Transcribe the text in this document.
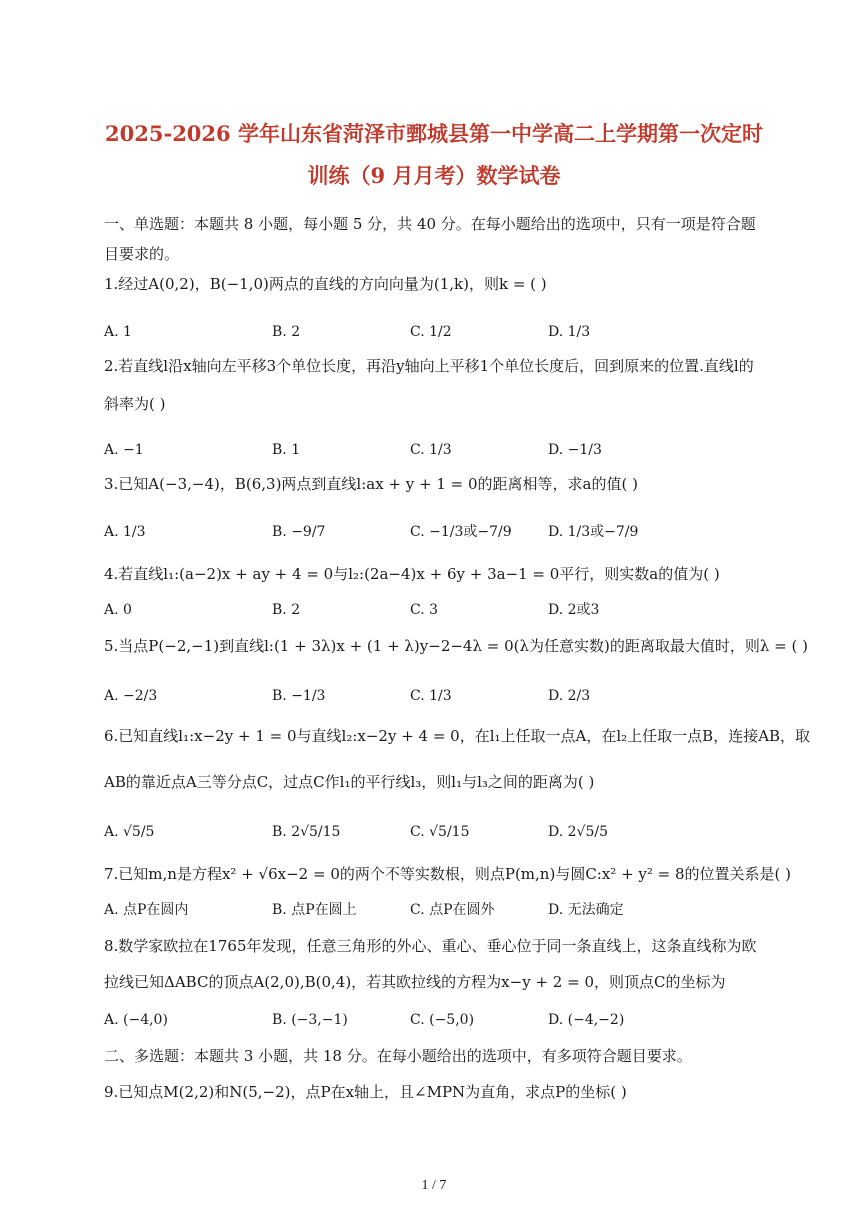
2025-2026 学年山东省菏泽市鄄城县第一中学高二上学期第一次定时
训练（9 月月考）数学试卷
一、单选题：本题共 8 小题，每小题 5 分，共 40 分。在每小题给出的选项中，只有一项是符合题
目要求的。
1.经过A(0,2)，B(−1,0)两点的直线的方向向量为(1,k)，则k = ( )
A. 1	B. 2	C. 1/2	D. 1/3
2.若直线l沿x轴向左平移3个单位长度，再沿y轴向上平移1个单位长度后，回到原来的位置.直线l的
斜率为( )
A. −1	B. 1	C. 1/3	D. −1/3
3.已知A(−3,−4)，B(6,3)两点到直线l:ax + y + 1 = 0的距离相等，求a的值( )
A. 1/3	B. −9/7	C. −1/3或−7/9	D. 1/3或−7/9
4.若直线l₁:(a−2)x + ay + 4 = 0与l₂:(2a−4)x + 6y + 3a−1 = 0平行，则实数a的值为( )
A. 0	B. 2	C. 3	D. 2或3
5.当点P(−2,−1)到直线l:(1 + 3λ)x + (1 + λ)y−2−4λ = 0(λ为任意实数)的距离取最大值时，则λ = ( )
A. −2/3	B. −1/3	C. 1/3	D. 2/3
6.已知直线l₁:x−2y + 1 = 0与直线l₂:x−2y + 4 = 0，在l₁上任取一点A，在l₂上任取一点B，连接AB，取
AB的靠近点A三等分点C，过点C作l₁的平行线l₃，则l₁与l₃之间的距离为( )
A. √5/5	B. 2√5/15	C. √5/15	D. 2√5/5
7.已知m,n是方程x² + √6x−2 = 0的两个不等实数根，则点P(m,n)与圆C:x² + y² = 8的位置关系是( )
A. 点P在圆内	B. 点P在圆上	C. 点P在圆外	D. 无法确定
8.数学家欧拉在1765年发现，任意三角形的外心、重心、垂心位于同一条直线上，这条直线称为欧
拉线已知ΔABC的顶点A(2,0),B(0,4)，若其欧拉线的方程为x−y + 2 = 0，则顶点C的坐标为
A. (−4,0)	B. (−3,−1)	C. (−5,0)	D. (−4,−2)
二、多选题：本题共 3 小题，共 18 分。在每小题给出的选项中，有多项符合题目要求。
9.已知点M(2,2)和N(5,−2)，点P在x轴上，且∠MPN为直角，求点P的坐标( )
1 / 7
